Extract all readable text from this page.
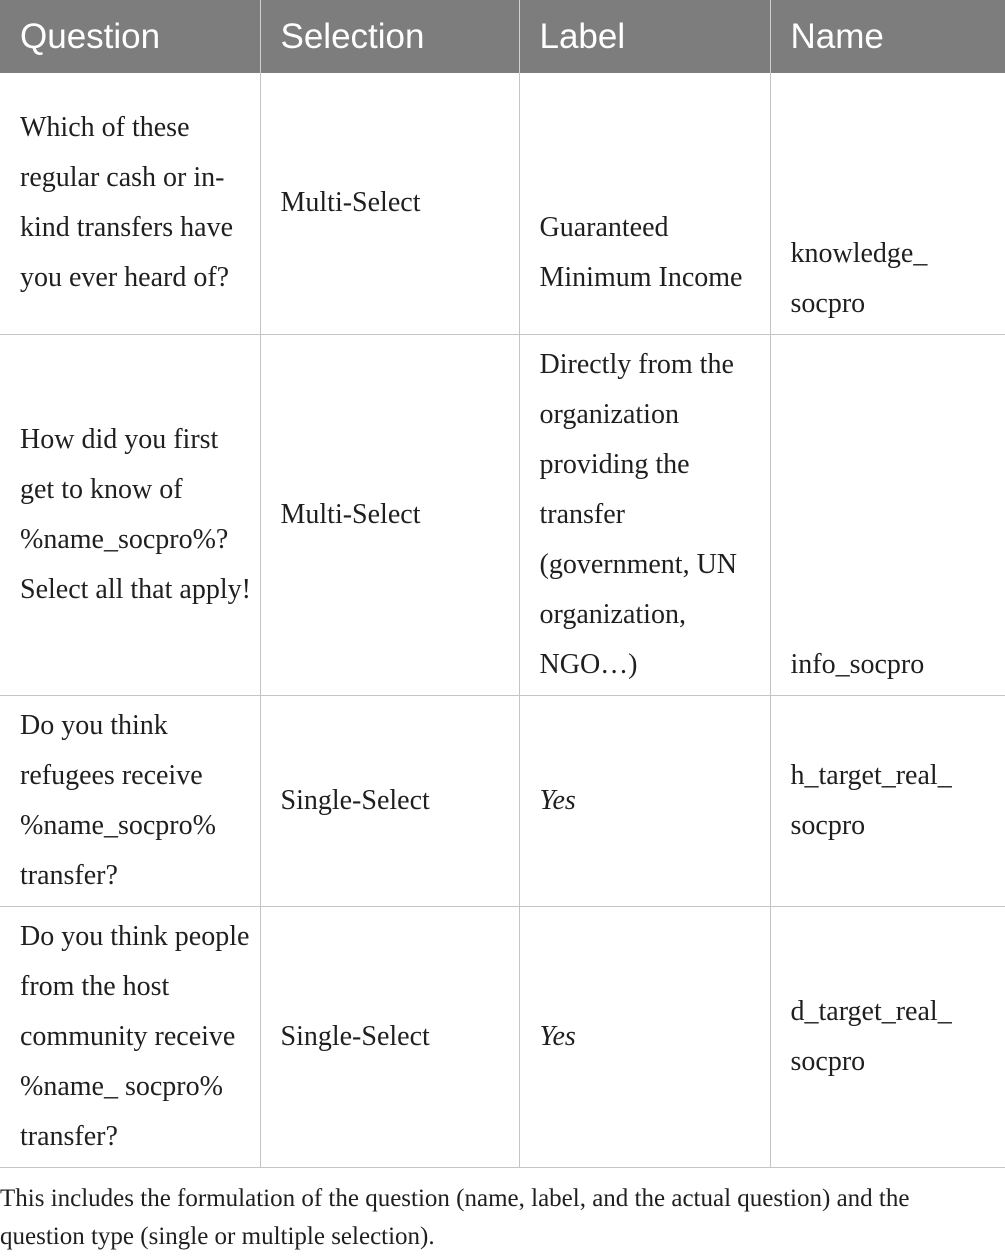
Question	Selection	Label	Name
Which of these regular cash or in-kind transfers have you ever heard of?	Multi-Select	Guaranteed Minimum Income	knowledge_ socpro
How did you first get to know of %name_socpro%? Select all that apply!	Multi-Select	Directly from the organization providing the transfer (government, UN organization, NGO…)	info_socpro
Do you think refugees receive %name_socpro% transfer?	Single-Select	Yes	h_target_real_ socpro
Do you think people from the host community receive %name_ socpro% transfer?	Single-Select	Yes	d_target_real_ socpro
This includes the formulation of the question (name, label, and the actual question) and the question type (single or multiple selection).
